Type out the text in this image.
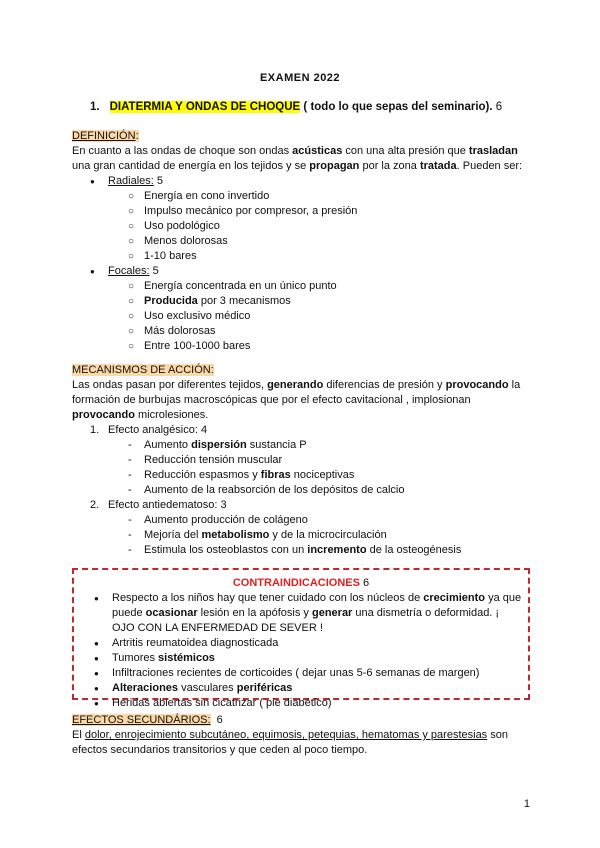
EXAMEN 2022
1. DIATERMIA Y ONDAS DE CHOQUE ( todo lo que sepas del seminario). 6
DEFINICIÓN:
En cuanto a las ondas de choque son ondas acústicas con una alta presión que trasladan una gran cantidad de energía en los tejidos y se propagan por la zona tratada. Pueden ser:
● Radiales: 5
○ Energía en cono invertido
○ Impulso mecánico por compresor, a presión
○ Uso podológico
○ Menos dolorosas
○ 1-10 bares
● Focales: 5
○ Energía concentrada en un único punto
○ Producida por 3 mecanismos
○ Uso exclusivo médico
○ Más dolorosas
○ Entre 100-1000 bares
MECANISMOS DE ACCIÓN:
Las ondas pasan por diferentes tejidos, generando diferencias de presión y provocando la formación de burbujas macroscópicas que por el efecto cavitacional , implosionan provocando microlesiones.
1. Efecto analgésico: 4
- Aumento dispersión sustancia P
- Reducción tensión muscular
- Reducción espasmos y fibras nociceptivas
- Aumento de la reabsorción de los depósitos de calcio
2. Efecto antiedematoso: 3
- Aumento producción de colágeno
- Mejoría del metabolismo y de la microcirculación
- Estimula los osteoblastos con un incremento de la osteogénesis
CONTRAINDICACIONES 6
● Respecto a los niños hay que tener cuidado con los núcleos de crecimiento ya que puede ocasionar lesión en la apófosis y generar una dismetría o deformidad. ¡ OJO CON LA ENFERMEDAD DE SEVER !
● Artritis reumatoidea diagnosticada
● Tumores sistémicos
● Infiltraciones recientes de corticoides ( dejar unas 5-6 semanas de margen)
● Alteraciones vasculares periféricas
● Heridas abiertas sin cicatrizar ( pie diabético)
EFECTOS SECUNDÁRIOS:  6
El dolor, enrojecimiento subcutáneo, equimosis, petequias, hematomas y parestesias son efectos secundarios transitorios y que ceden al poco tiempo.
1
